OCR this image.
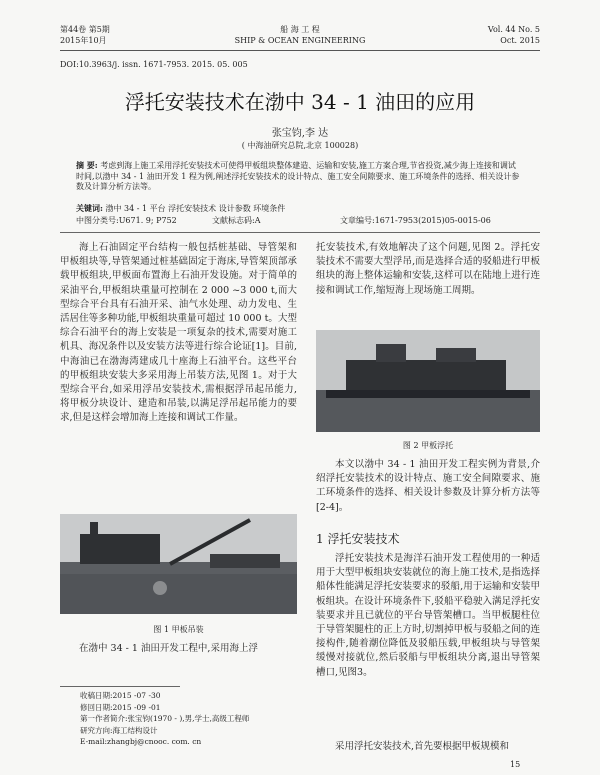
第44卷 第5期
2015年10月
船 海 工 程
SHIP & OCEAN ENGINEERING
Vol. 44 No. 5
Oct. 2015
DOI:10.3963/j. issn. 1671-7953. 2015. 05. 005
浮托安装技术在渤中 34 - 1 油田的应用
张宝钧,李 达
( 中海油研究总院,北京 100028)
摘 要: 考虑到海上施工采用浮托安装技术可使得甲板组块整体建造、运输和安装,施工方案合理,节省投资,减少海上连接和调试时间,以渤中 34 - 1 油田开发 1 程为例,阐述浮托安装技术的设计特点、施工安全间隙要求、施工环境条件的选择、相关设计参数及计算分析方法等。
关键词: 渤中 34 - 1 平台 浮托安装技术 设计参数 环境条件
中图分类号:U671. 9; P752	文献标志码:A	文章编号:1671-7953(2015)05-0015-06
海上石油固定平台结构一般包括桩基础、导管架和甲板组块等,导管架通过桩基础固定于海床,导管架顶部承载甲板组块,甲板面布置海上石油开发设施。对于简单的采油平台,甲板组块重量可控制在 2 000 ~3 000 t,而大型综合平台具有石油开采、油气水处理、动力发电、生活居住等多种功能,甲板组块重量可超过 10 000 t。大型综合石油平台的海上安装是一项复杂的技术,需要对施工机具、海况条件以及安装方法等进行综合论证[1]。目前,中海油已在渤海湾建成几十座海上石油平台。这些平台的甲板组块安装大多采用海上吊装方法,见图 1。对于大型综合平台,如采用浮吊安装技术,需根据浮吊起吊能力,将甲板分块设计、建造和吊装,以满足浮吊起吊能力的要求,但是这样会增加海上连接和调试工作量。
图 1 甲板吊装
在渤中 34 - 1 油田开发工程中,采用海上浮
收稿日期:2015 -07 -30
修回日期:2015 -09 -01
第一作者简介:张宝钧(1970 - ),男,学士,高级工程师
研究方向:海工结构设计
E-mail:zhangbj@cnooc. com. cn
托安装技术,有效地解决了这个问题,见图 2。浮托安装技术不需要大型浮吊,而是选择合适的驳船进行甲板组块的海上整体运输和安装,这样可以在陆地上进行连接和调试工作,缩短海上现场施工周期。
图 2 甲板浮托
本文以渤中 34 - 1 油田开发工程实例为背景,介绍浮托安装技术的设计特点、施工安全间隙要求、施工环境条件的选择、相关设计参数及计算分析方法等[2-4]。
1 浮托安装技术
浮托安装技术是海洋石油开发工程使用的一种适用于大型甲板组块安装就位的海上施工技术,是指选择船体性能满足浮托安装要求的驳船,用于运输和安装甲板组块。在设计环境条件下,驳船平稳驶入满足浮托安装要求并且已就位的平台导管架槽口。当甲板腿柱位于导管架腿柱的正上方时,切割掉甲板与驳船之间的连接构件,随着潮位降低及驳船压载,甲板组块与导管架缓慢对接就位,然后驳船与甲板组块分离,退出导管架槽口,见图3。
采用浮托安装技术,首先要根据甲板规模和
15
